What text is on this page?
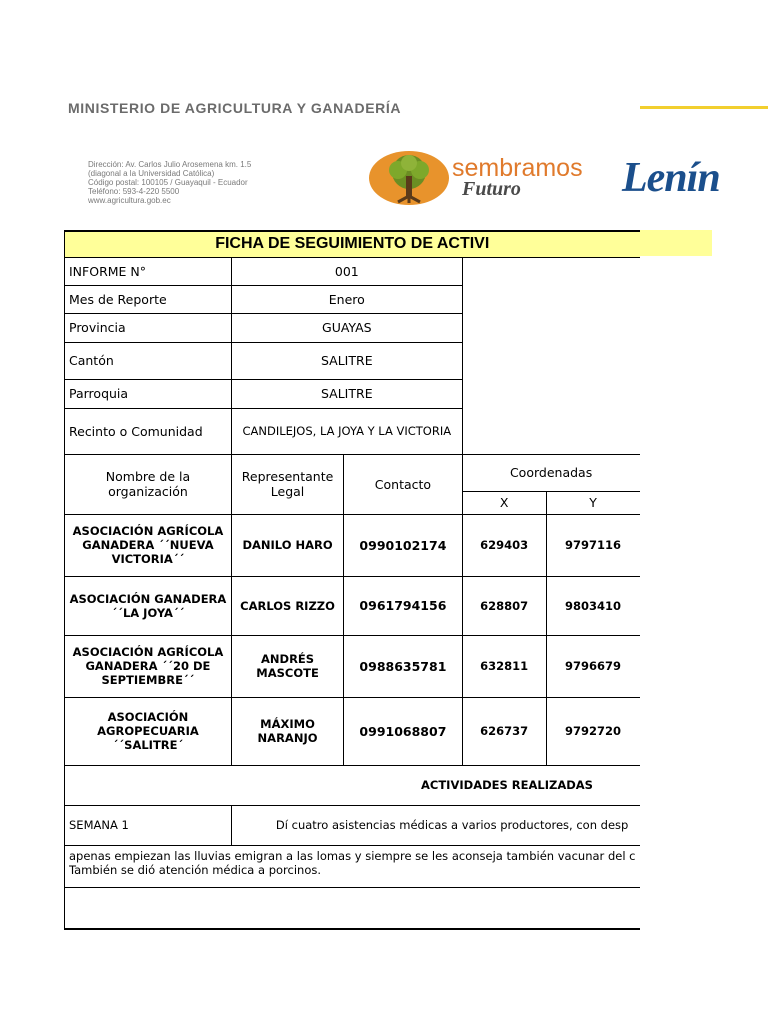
MINISTERIO DE AGRICULTURA Y GANADERÍA
Dirección: Av. Carlos Julio Arosemena km. 1.5
(diagonal a la Universidad Católica)
Código postal: 100105 / Guayaquil - Ecuador
Teléfono: 593-4-220 5500
www.agricultura.gob.ec
sembramos
Futuro Lenín
FICHA DE SEGUIMIENTO DE ACTIVI				
INFORME N°	001			
Mes de Reporte	Enero			
Provincia	GUAYAS			
Cantón	SALITRE			
Parroquia	SALITRE			
Recinto o Comunidad	CANDILEJOS, LA JOYA Y LA VICTORIA			
Nombre de la organización	Representante Legal	Contacto	Coordenadas	
			X	Y
ASOCIACIÓN AGRÍCOLA GANADERA ´´NUEVA VICTORIA´´	DANILO HARO	0990102174	629403	9797116
ASOCIACIÓN GANADERA ´´LA JOYA´´	CARLOS RIZZO	0961794156	628807	9803410
ASOCIACIÓN AGRÍCOLA GANADERA ´´20 DE SEPTIEMBRE´´	ANDRÉS MASCOTE	0988635781	632811	9796679
ASOCIACIÓN AGROPECUARIA ´´SALITRE´	MÁXIMO NARANJO	0991068807	626737	9792720
ACTIVIDADES REALIZADAS				
SEMANA 1	Dí cuatro asistencias médicas a varios productores, con desp			

apenas empiezan las lluvias emigran a las lomas y siempre se les aconseja también vacunar del c
También se dió atención médica a porcinos.				
